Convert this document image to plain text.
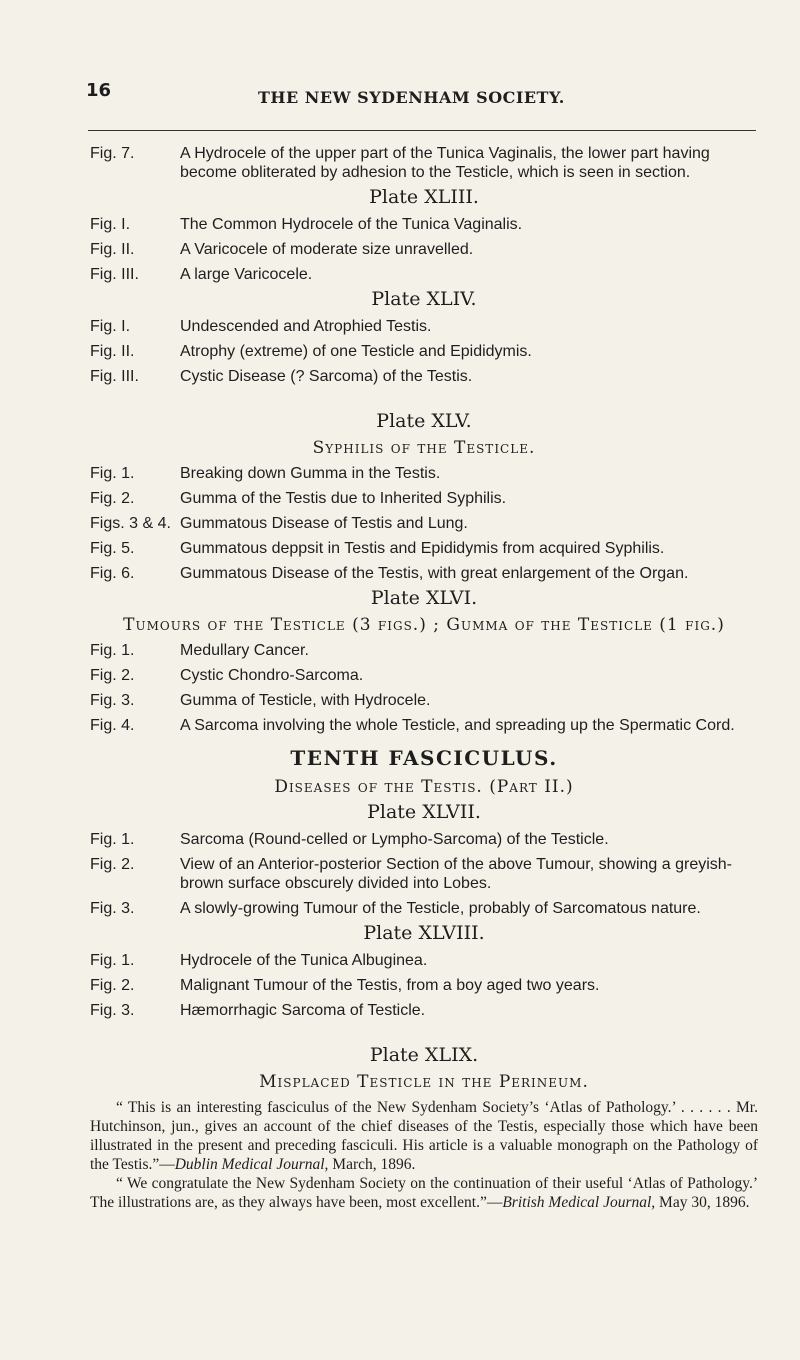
16	THE NEW SYDENHAM SOCIETY.
Fig. 7.	A Hydrocele of the upper part of the Tunica Vaginalis, the lower part having become obliterated by adhesion to the Testicle, which is seen in section.
Plate XLIII.
Fig. I.	The Common Hydrocele of the Tunica Vaginalis.
Fig. II.	A Varicocele of moderate size unravelled.
Fig. III.	A large Varicocele.
Plate XLIV.
Fig. I.	Undescended and Atrophied Testis.
Fig. II.	Atrophy (extreme) of one Testicle and Epididymis.
Fig. III.	Cystic Disease (? Sarcoma) of the Testis.
Plate XLV.
Syphilis of the Testicle.
Fig. 1.	Breaking down Gumma in the Testis.
Fig. 2.	Gumma of the Testis due to Inherited Syphilis.
Figs. 3 & 4. Gummatous Disease of Testis and Lung.
Fig. 5.	Gummatous deppsit in Testis and Epididymis from acquired Syphilis.
Fig. 6.	Gummatous Disease of the Testis, with great enlargement of the Organ.
Plate XLVI.
Tumours of the Testicle (3 figs.) ; Gumma of the Testicle (1 fig.)
Fig. 1.	Medullary Cancer.
Fig. 2.	Cystic Chondro-Sarcoma.
Fig. 3.	Gumma of Testicle, with Hydrocele.
Fig. 4.	A Sarcoma involving the whole Testicle, and spreading up the Spermatic Cord.
TENTH FASCICULUS.
Diseases of the Testis. (Part II.)
Plate XLVII.
Fig. 1.	Sarcoma (Round-celled or Lympho-Sarcoma) of the Testicle.
Fig. 2.	View of an Anterior-posterior Section of the above Tumour, showing a greyish-brown surface obscurely divided into Lobes.
Fig. 3.	A slowly-growing Tumour of the Testicle, probably of Sarcomatous nature.
Plate XLVIII.
Fig. 1.	Hydrocele of the Tunica Albuginea.
Fig. 2.	Malignant Tumour of the Testis, from a boy aged two years.
Fig. 3.	Hæmorrhagic Sarcoma of Testicle.
Plate XLIX.
Misplaced Testicle in the Perineum.

“ This is an interesting fasciculus of the New Sydenham Society’s ‘Atlas of Pathology.’ . . . . . . Mr. Hutchinson, jun., gives an account of the chief diseases of the Testis, especially those which have been illustrated in the present and preceding fasciculi. His article is a valuable monograph on the Pathology of the Testis.”—Dublin Medical Journal, March, 1896.

“ We congratulate the New Sydenham Society on the continuation of their useful ‘Atlas of Pathology.’ The illustrations are, as they always have been, most excellent.”—British Medical Journal, May 30, 1896.
